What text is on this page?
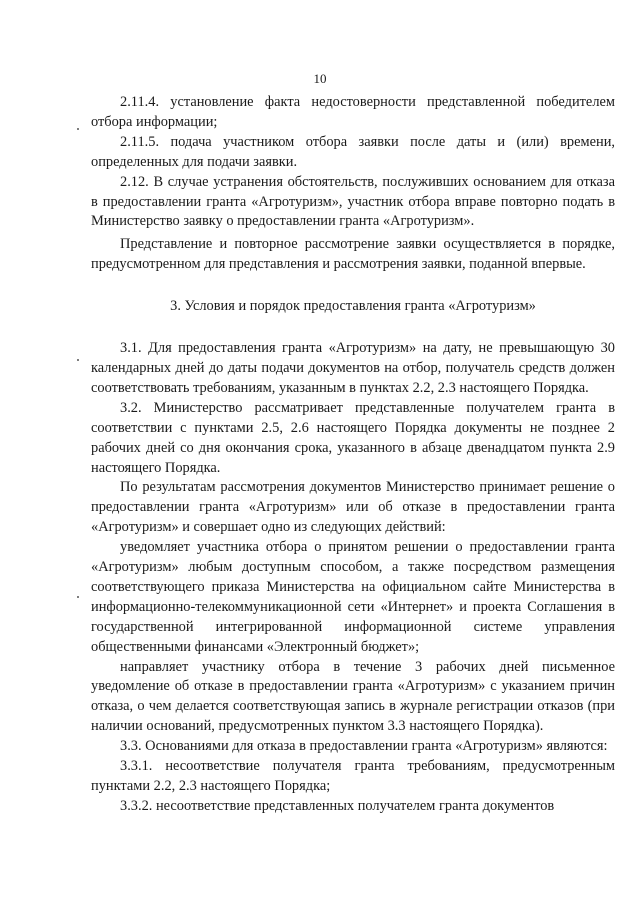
10

2.11.4. установление факта недостоверности представленной победителем отбора информации;

2.11.5. подача участником отбора заявки после даты и (или) времени, определенных для подачи заявки.

2.12. В случае устранения обстоятельств, послуживших основанием для отказа в предоставлении гранта «Агротуризм», участник отбора вправе повторно подать в Министерство заявку о предоставлении гранта «Агротуризм».

Представление и повторное рассмотрение заявки осуществляется в порядке, предусмотренном для представления и рассмотрения заявки, поданной впервые.

3. Условия и порядок предоставления гранта «Агротуризм»

3.1. Для предоставления гранта «Агротуризм» на дату, не превышающую 30 календарных дней до даты подачи документов на отбор, получатель средств должен соответствовать требованиям, указанным в пунктах 2.2, 2.3 настоящего Порядка.

3.2. Министерство рассматривает представленные получателем гранта в соответствии с пунктами 2.5, 2.6 настоящего Порядка документы не позднее 2 рабочих дней со дня окончания срока, указанного в абзаце двенадцатом пункта 2.9 настоящего Порядка.

По результатам рассмотрения документов Министерство принимает решение о предоставлении гранта «Агротуризм» или об отказе в предоставлении гранта «Агротуризм» и совершает одно из следующих действий:

уведомляет участника отбора о принятом решении о предоставлении гранта «Агротуризм» любым доступным способом, а также посредством размещения соответствующего приказа Министерства на официальном сайте Министерства в информационно-телекоммуникационной сети «Интернет» и проекта Соглашения в государственной интегрированной информационной системе управления общественными финансами «Электронный бюджет»;

направляет участнику отбора в течение 3 рабочих дней письменное уведомление об отказе в предоставлении гранта «Агротуризм» с указанием причин отказа, о чем делается соответствующая запись в журнале регистрации отказов (при наличии оснований, предусмотренных пунктом 3.3 настоящего Порядка).

3.3. Основаниями для отказа в предоставлении гранта «Агротуризм» являются:

3.3.1. несоответствие получателя гранта требованиям, предусмотренным пунктами 2.2, 2.3 настоящего Порядка;

3.3.2. несоответствие представленных получателем гранта документов
